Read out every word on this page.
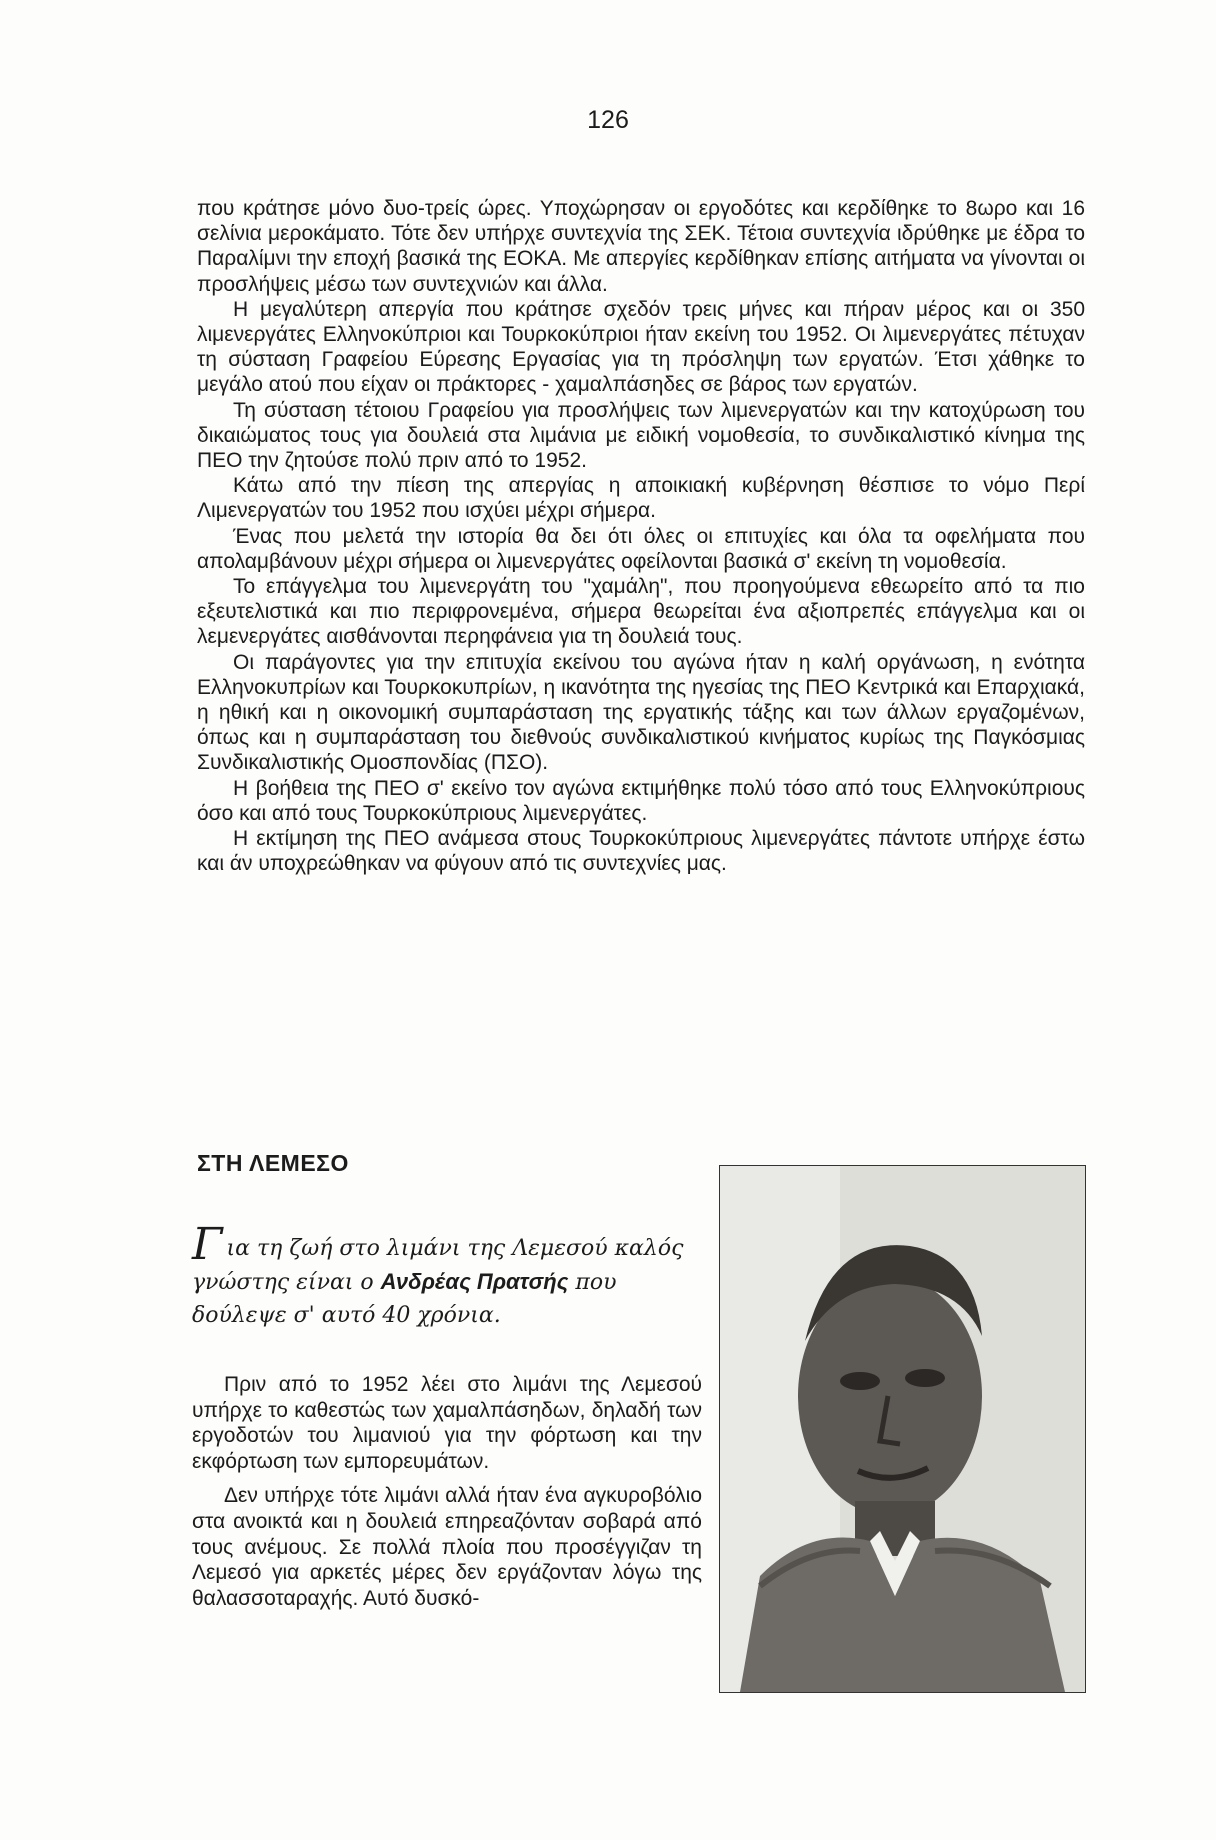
126

που κράτησε μόνο δυο-τρείς ώρες. Υποχώρησαν οι εργοδότες και κερδίθηκε το 8ωρο και 16 σελίνια μεροκάματο. Τότε δεν υπήρχε συντεχνία της ΣΕΚ. Τέτοια συντεχνία ιδρύθηκε με έδρα το Παραλίμνι την εποχή βασικά της ΕΟΚΑ. Με απεργίες κερδίθηκαν επίσης αιτήματα να γίνονται οι προσλήψεις μέσω των συντεχνιών και άλλα.

Η μεγαλύτερη απεργία που κράτησε σχεδόν τρεις μήνες και πήραν μέρος και οι 350 λιμενεργάτες Ελληνοκύπριοι και Τουρκοκύπριοι ήταν εκείνη του 1952. Οι λιμενεργάτες πέτυχαν τη σύσταση Γραφείου Εύρεσης Εργασίας για τη πρόσληψη των εργατών. Έτσι χάθηκε το μεγάλο ατού που είχαν οι πράκτορες - χαμαλπάσηδες σε βάρος των εργατών.

Τη σύσταση τέτοιου Γραφείου για προσλήψεις των λιμενεργατών και την κατοχύρωση του δικαιώματος τους για δουλειά στα λιμάνια με ειδική νομοθεσία, το συνδικαλιστικό κίνημα της ΠΕΟ την ζητούσε πολύ πριν από το 1952.

Κάτω από την πίεση της απεργίας η αποικιακή κυβέρνηση θέσπισε το νόμο Περί Λιμενεργατών του 1952 που ισχύει μέχρι σήμερα.

Ένας που μελετά την ιστορία θα δει ότι όλες οι επιτυχίες και όλα τα οφελήματα που απολαμβάνουν μέχρι σήμερα οι λιμενεργάτες οφείλονται βασικά σ' εκείνη τη νομοθεσία.

Το επάγγελμα του λιμενεργάτη του "χαμάλη", που προηγούμενα εθεωρείτο από τα πιο εξευτελιστικά και πιο περιφρονεμένα, σήμερα θεωρείται ένα αξιοπρεπές επάγγελμα και οι λεμενεργάτες αισθάνονται περηφάνεια για τη δουλειά τους.

Οι παράγοντες για την επιτυχία εκείνου του αγώνα ήταν η καλή οργάνωση, η ενότητα Ελληνοκυπρίων και Τουρκοκυπρίων, η ικανότητα της ηγεσίας της ΠΕΟ Κεντρικά και Επαρχιακά, η ηθική και η οικονομική συμπαράσταση της εργατικής τάξης και των άλλων εργαζομένων, όπως και η συμπαράσταση του διεθνούς συνδικαλιστικού κινήματος κυρίως της Παγκόσμιας Συνδικαλιστικής Ομοσπονδίας (ΠΣΟ).

Η βοήθεια της ΠΕΟ σ' εκείνο τον αγώνα εκτιμήθηκε πολύ τόσο από τους Ελληνοκύπριους όσο και από τους Τουρκοκύπριους λιμενεργάτες.

Η εκτίμηση της ΠΕΟ ανάμεσα στους Τουρκοκύπριους λιμενεργάτες πάντοτε υπήρχε έστω και άν υποχρεώθηκαν να φύγουν από τις συντεχνίες μας.

ΣΤΗ ΛΕΜΕΣΟ

Για τη ζωή στο λιμάνι της Λεμεσού καλός γνώστης είναι ο Ανδρέας Πρατσής που δούλεψε σ' αυτό 40 χρόνια.

Πριν από το 1952 λέει στο λιμάνι της Λεμεσού υπήρχε το καθεστώς των χαμαλπάσηδων, δηλαδή των εργοδοτών του λιμανιού για την φόρτωση και την εκφόρτωση των εμπορευμάτων.

Δεν υπήρχε τότε λιμάνι αλλά ήταν ένα αγκυροβόλιο στα ανοικτά και η δουλειά επηρεαζόνταν σοβαρά από τους ανέμους. Σε πολλά πλοία που προσέγγιζαν τη Λεμεσό για αρκετές μέρες δεν εργάζονταν λόγω της θαλασσοταραχής. Αυτό δυσκό-
